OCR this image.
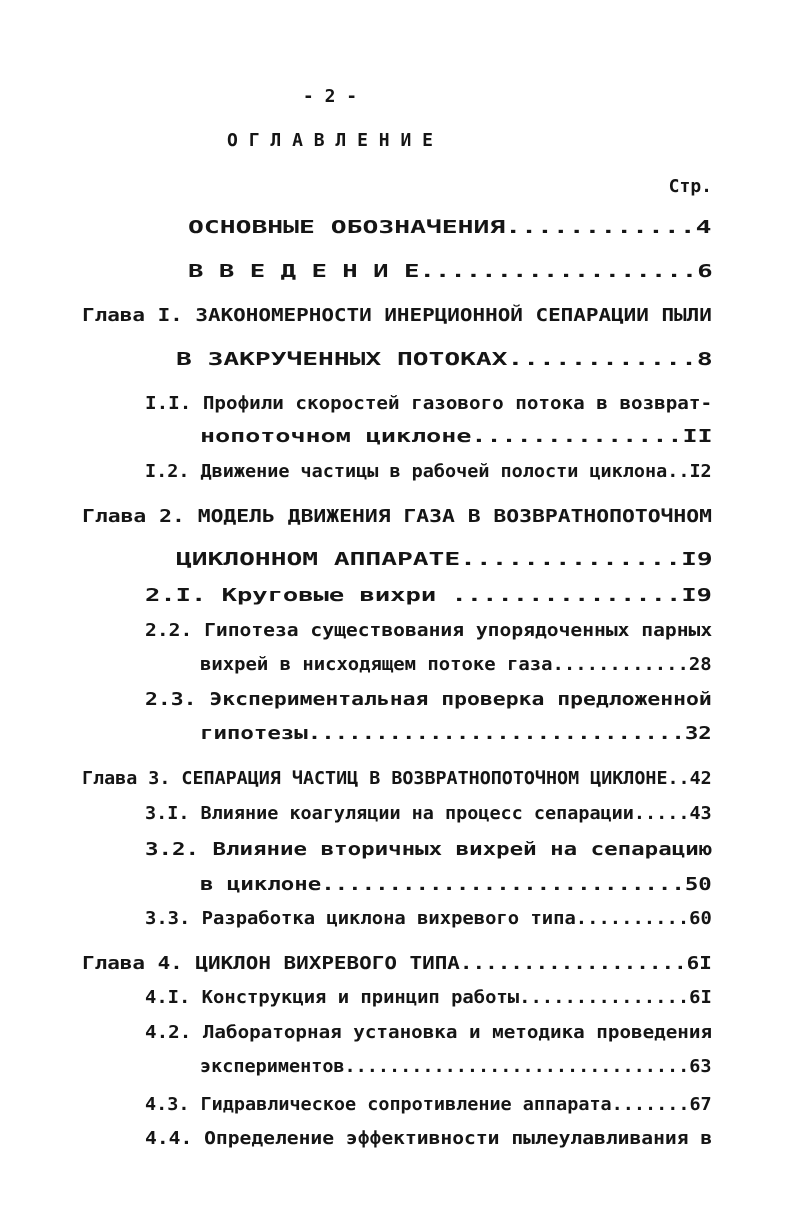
- 2 -
О Г Л А В Л Е Н И Е
Стр.
ОСНОВНЫЕ ОБОЗНАЧЕНИЯ............4
В В Е Д Е Н И Е..................6
Глава I. ЗАКОНОМЕРНОСТИ ИНЕРЦИОННОЙ СЕПАРАЦИИ ПЫЛИ
В ЗАКРУЧЕННЫХ ПОТОКАХ............8
I.I. Профили скоростей газового потока в возврат-
нопоточном циклоне..............II
I.2. Движение частицы в рабочей полости циклона..I2
Глава 2. МОДЕЛЬ ДВИЖЕНИЯ ГАЗА В ВОЗВРАТНОПОТОЧНОМ
ЦИКЛОННОМ АППАРАТЕ..............I9
2.I. Круговые вихри ...............I9
2.2. Гипотеза существования упорядоченных парных
вихрей в нисходящем потоке газа............28
2.3. Экспериментальная проверка предложенной
гипотезы............................32
Глава 3. СЕПАРАЦИЯ ЧАСТИЦ В ВОЗВРАТНОПОТОЧНОМ ЦИКЛОНЕ..42
3.I. Влияние коагуляции на процесс сепарации.....43
3.2. Влияние вторичных вихрей на сепарацию
в циклоне...........................50
3.3. Разработка циклона вихревого типа..........60
Глава 4. ЦИКЛОН ВИХРЕВОГО ТИПА..................6I
4.I. Конструкция и принцип работы...............6I
4.2. Лабораторная установка и методика проведения
экспериментов...............................63
4.3. Гидравлическое сопротивление аппарата.......67
4.4. Определение эффективности пылеулавливания в
